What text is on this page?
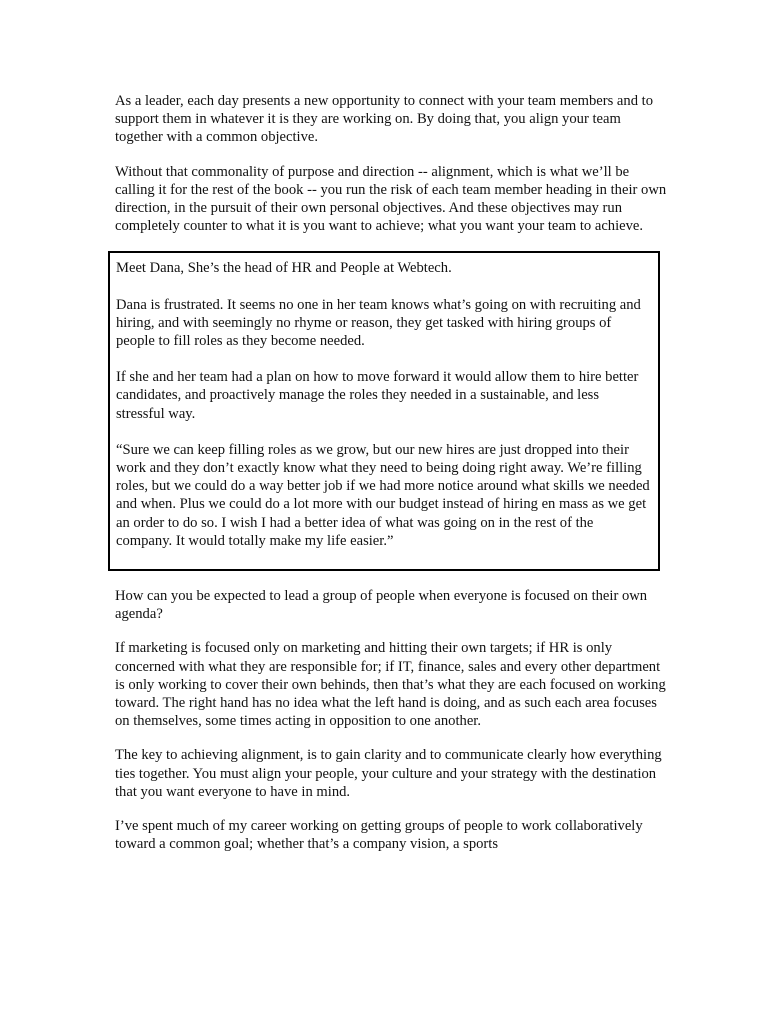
As a leader, each day presents a new opportunity to connect with your team members and to support them in whatever it is they are working on. By doing that, you align your team together with a common objective.

Without that commonality of purpose and direction -- alignment, which is what we’ll be calling it for the rest of the book -- you run the risk of each team member heading in their own direction, in the pursuit of their own personal objectives. And these objectives may run completely counter to what it is you want to achieve; what you want your team to achieve.

Meet Dana, She’s the head of HR and People at Webtech.

Dana is frustrated. It seems no one in her team knows what’s going on with recruiting and hiring, and with seemingly no rhyme or reason, they get tasked with hiring groups of people to fill roles as they become needed.

If she and her team had a plan on how to move forward it would allow them to hire better candidates, and proactively manage the roles they needed in a sustainable, and less stressful way.

“Sure we can keep filling roles as we grow, but our new hires are just dropped into their work and they don’t exactly know what they need to being doing right away. We’re filling roles, but we could do a way better job if we had more notice around what skills we needed and when. Plus we could do a lot more with our budget instead of hiring en mass as we get an order to do so. I wish I had a better idea of what was going on in the rest of the company. It would totally make my life easier.”

How can you be expected to lead a group of people when everyone is focused on their own agenda?

If marketing is focused only on marketing and hitting their own targets; if HR is only concerned with what they are responsible for; if IT, finance, sales and every other department is only working to cover their own behinds, then that’s what they are each focused on working toward. The right hand has no idea what the left hand is doing, and as such each area focuses on themselves, some times acting in opposition to one another.

The key to achieving alignment, is to gain clarity and to communicate clearly how everything ties together. You must align your people, your culture and your strategy with the destination that you want everyone to have in mind.

I’ve spent much of my career working on getting groups of people to work collaboratively toward a common goal; whether that’s a company vision, a sports
